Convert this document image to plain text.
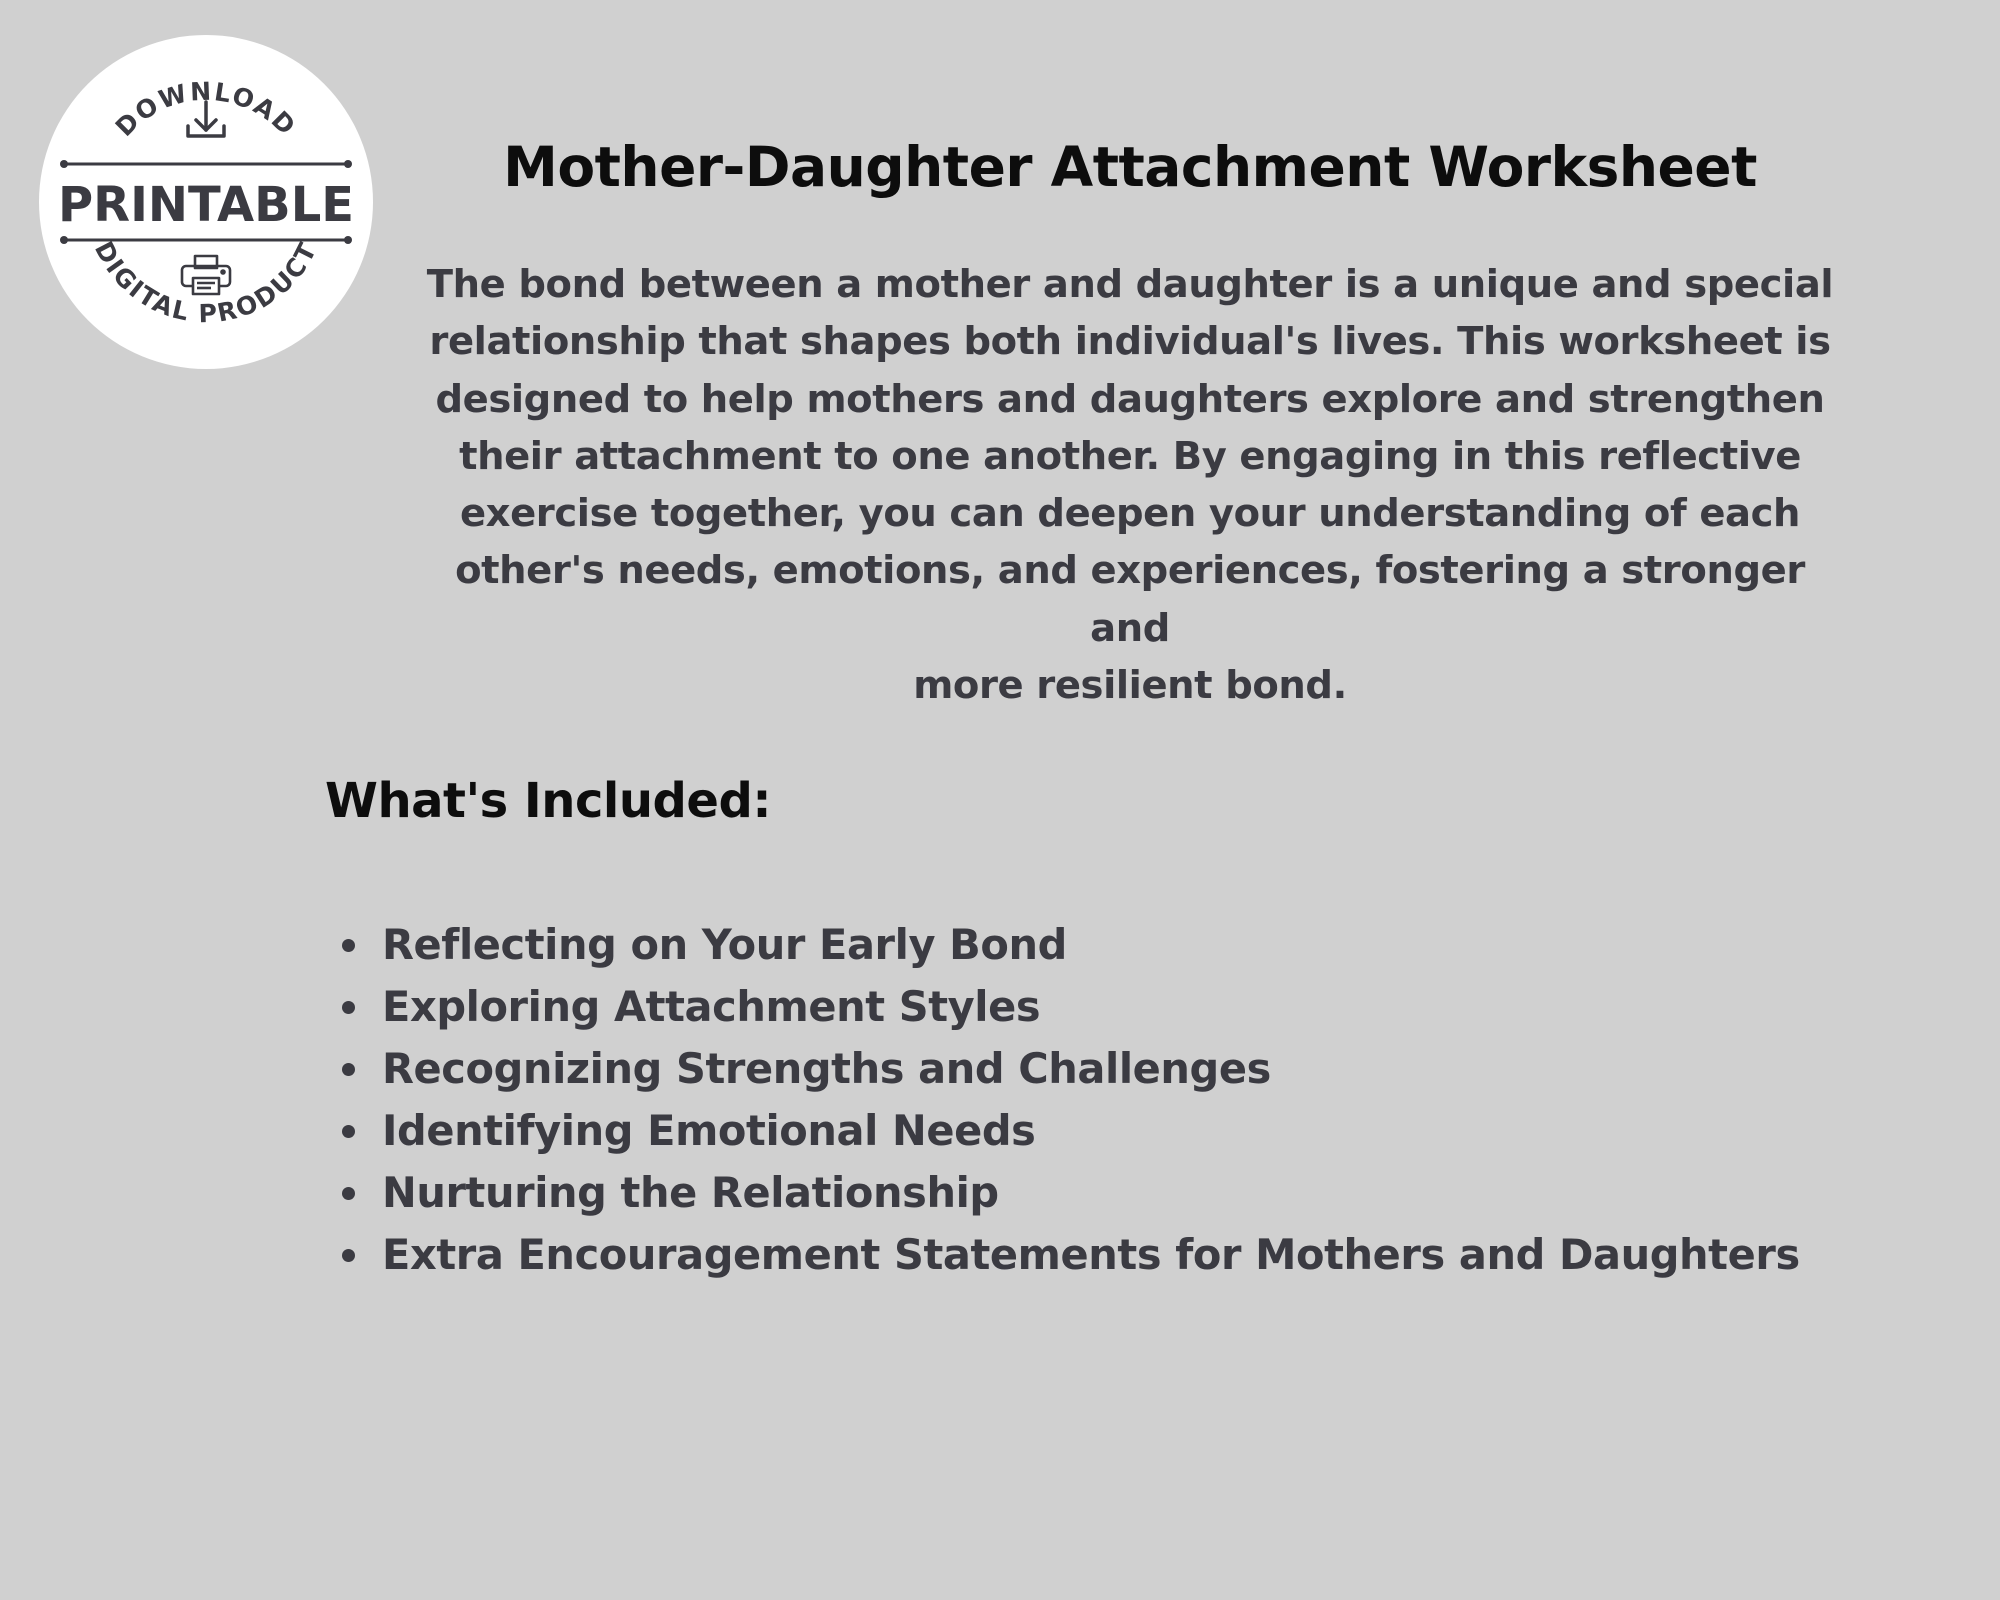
DOWNLOAD
PRINTABLE
DIGITAL PRODUCT
Mother-Daughter Attachment Worksheet

The bond between a mother and daughter is a unique and special
relationship that shapes both individual's lives. This worksheet is
designed to help mothers and daughters explore and strengthen
their attachment to one another. By engaging in this reflective
exercise together, you can deepen your understanding of each
other's needs, emotions, and experiences, fostering a stronger and
more resilient bond.

What's Included:
Reflecting on Your Early Bond
Exploring Attachment Styles
Recognizing Strengths and Challenges
Identifying Emotional Needs
Nurturing the Relationship
Extra Encouragement Statements for Mothers and Daughters
